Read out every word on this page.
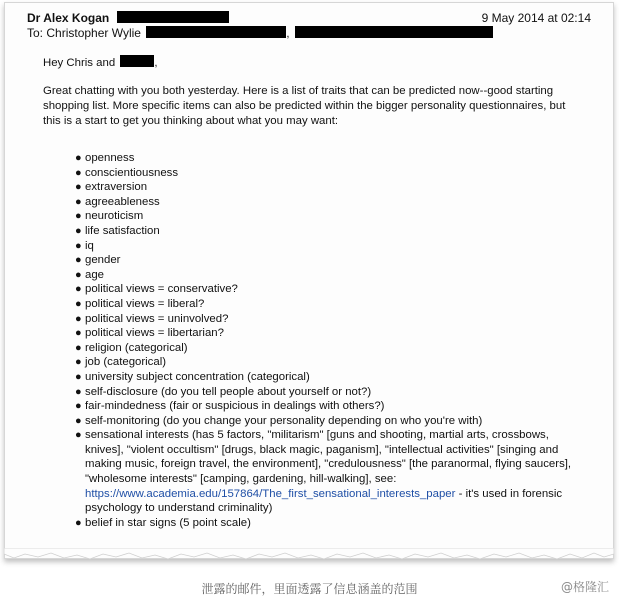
Dr Alex Kogan	9 May 2014 at 02:14
To: Christopher Wylie	,

Hey Chris and	,

Great chatting with you both yesterday. Here is a list of traits that can be predicted now--good starting shopping list. More specific items can also be predicted within the bigger personality questionnaires, but this is a start to get you thinking about what you may want:

● openness
● conscientiousness
● extraversion
● agreeableness
● neuroticism
● life satisfaction
● iq
● gender
● age
● political views = conservative?
● political views = liberal?
● political views = uninvolved?
● political views = libertarian?
● religion (categorical)
● job (categorical)
● university subject concentration (categorical)
● self-disclosure (do you tell people about yourself or not?)
● fair-mindedness (fair or suspicious in dealings with others?)
● self-monitoring (do you change your personality depending on who you're with)
● sensational interests (has 5 factors, "militarism" [guns and shooting, martial arts, crossbows, knives], "violent occultism" [drugs, black magic, paganism], "intellectual activities" [singing and making music, foreign travel, the environment], "credulousness" [the paranormal, flying saucers], "wholesome interests" [camping, gardening, hill-walking], see: https://www.academia.edu/157864/The_first_sensational_interests_paper - it's used in forensic psychology to understand criminality)
● belief in star signs (5 point scale)
泄露的邮件，里面透露了信息涵盖的范围	@格隆汇
